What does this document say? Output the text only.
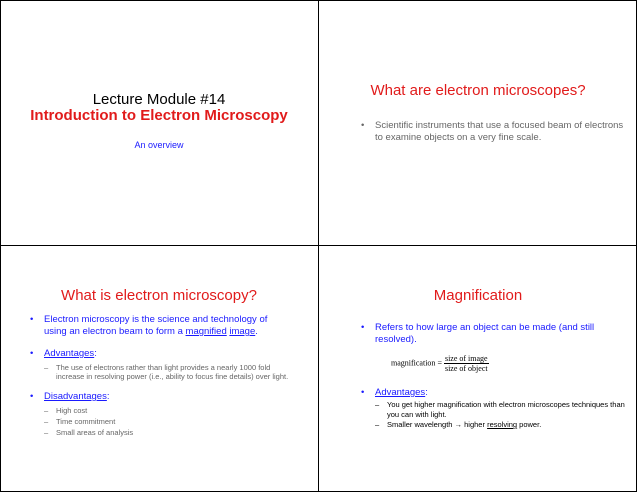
Lecture Module #14
Introduction to Electron Microscopy
An overview
What are electron microscopes?
• Scientific instruments that use a focused beam of electrons to examine objects on a very fine scale.
What is electron microscopy?
• Electron microscopy is the science and technology of using an electron beam to form a magnified image.
• Advantages:
– The use of electrons rather than light provides a nearly 1000 fold increase in resolving power (i.e., ability to focus fine details) over light.
• Disadvantages:
– High cost
– Time commitment
– Small areas of analysis
Magnification
• Refers to how large an object can be made (and still resolved).
magnification = $\frac{\text{size of image}}{\text{size of object}}$
• Advantages:
– You get higher magnification with electron microscopes techniques than you can with light.
– Smaller wavelength → higher resolving power.
